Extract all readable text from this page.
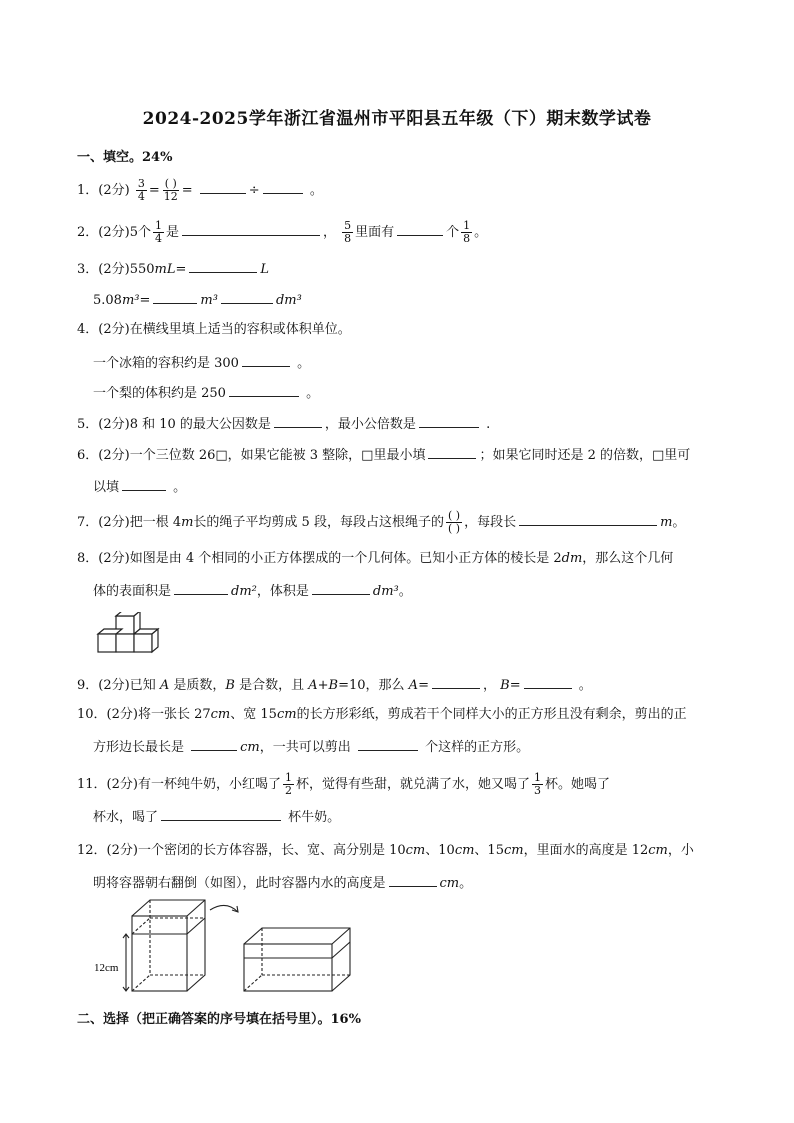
2024-2025学年浙江省温州市平阳县五年级（下）期末数学试卷
一、填空。24%
1．(2分) $\frac{3}{4} = \frac{( )}{12}$ =	÷	。
2．(2分)5个 $\frac{1}{4}$ 是	， $\frac{5}{8}$ 里面有	个 $\frac{1}{8}$ 。
3．(2分)550mL=	L
5.08m³=	m³	dm³
4．(2分)在横线里填上适当的容积或体积单位。
一个冰箱的容积约是 300	。
一个梨的体积约是 250	。
5．(2分)8 和 10 的最大公因数是	，最小公倍数是	.
6．(2分)一个三位数 26□，如果它能被 3 整除，□里最小填	；如果它同时还是 2 的倍数，□里可
以填	。
7．(2分)把一根 4m长的绳子平均剪成 5 段，每段占这根绳子的 $\frac{( )}{( )}$ ，每段长	m。
8．(2分)如图是由 4 个相同的小正方体摆成的一个几何体。已知小正方体的棱长是 2dm，那么这个几何
体的表面积是	dm²，体积是	dm³。
9．(2分)已知 A 是质数，B 是合数，且 A+B=10，那么 A=	， B=	。
10．(2分)将一张长 27cm、宽 15cm的长方形彩纸，剪成若干个同样大小的正方形且没有剩余，剪出的正
方形边长最长是	cm，一共可以剪出	个这样的正方形。
11．(2分)有一杯纯牛奶，小红喝了 $\frac{1}{2}$ 杯，觉得有些甜，就兑满了水，她又喝了 $\frac{1}{3}$ 杯。她喝了
杯水，喝了	杯牛奶。
12．(2分)一个密闭的长方体容器，长、宽、高分别是 10cm、10cm、15cm，里面水的高度是 12cm，小
明将容器朝右翻倒（如图），此时容器内水的高度是	cm。
12cm
二、选择（把正确答案的序号填在括号里）。16%
